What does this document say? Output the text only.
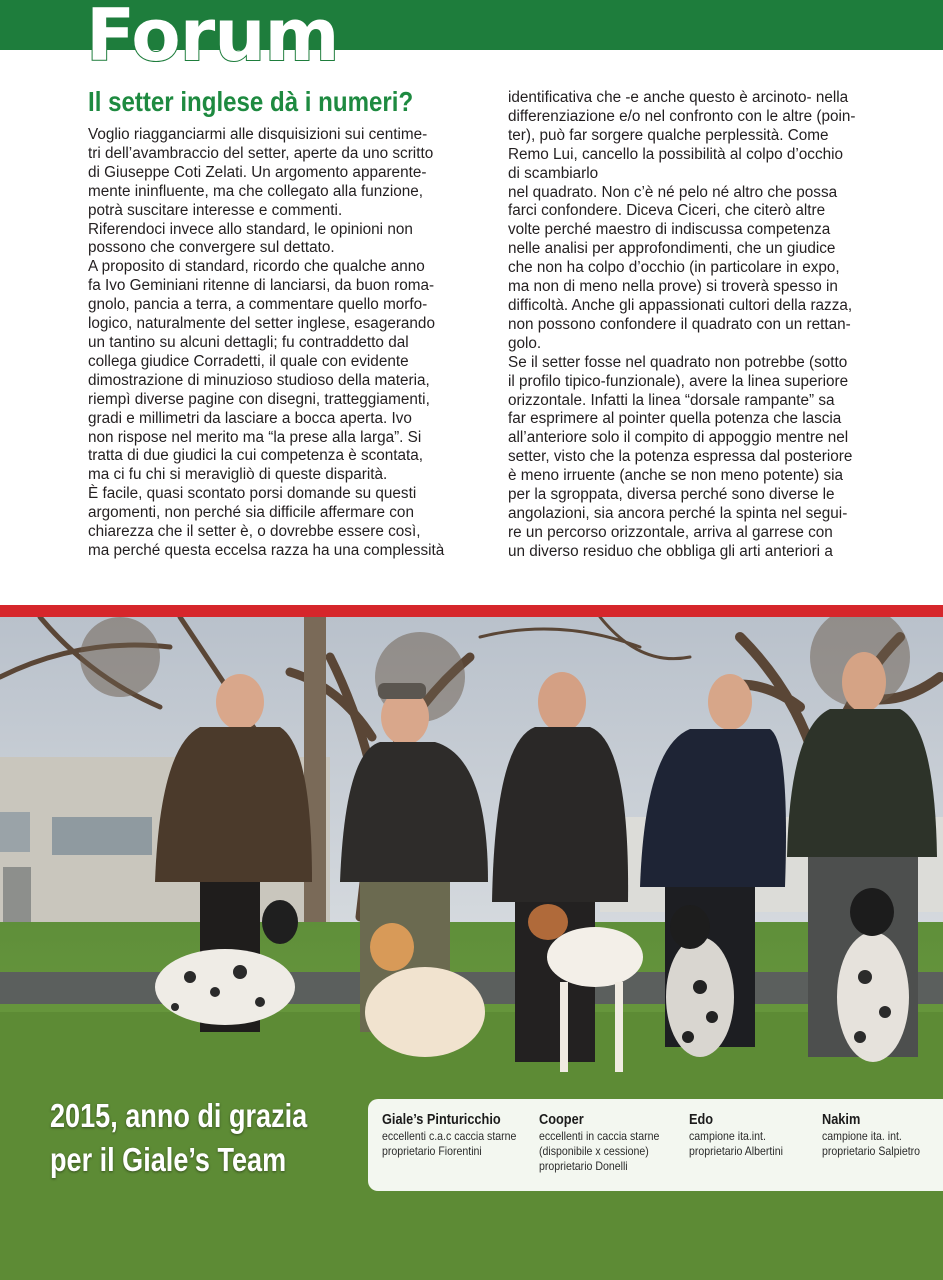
Forum
Il setter inglese dà i numeri?

Voglio riagganciarmi alle disquisizioni sui centime-

tri dell’avambraccio del setter, aperte da uno scritto

di Giuseppe Coti Zelati. Un argomento apparente-

mente ininfluente, ma che collegato alla funzione,

potrà suscitare interesse e commenti.

Riferendoci invece allo standard, le opinioni non

possono che convergere sul dettato.

A proposito di standard, ricordo che qualche anno

fa Ivo Geminiani ritenne di lanciarsi, da buon roma-

gnolo, pancia a terra, a commentare quello morfo-

logico, naturalmente del setter inglese, esagerando

un tantino su alcuni dettagli; fu contraddetto dal

collega giudice Corradetti, il quale con evidente

dimostrazione di minuzioso studioso della materia,

riempì diverse pagine con disegni, tratteggiamenti,

gradi e millimetri da lasciare a bocca aperta. Ivo

non rispose nel merito ma “la prese alla larga”. Si

tratta di due giudici la cui competenza è scontata,

ma ci fu chi si meravigliò di queste disparità.

È facile, quasi scontato porsi domande su questi

argomenti, non perché sia difficile affermare con

chiarezza che il setter è, o dovrebbe essere così,

ma perché questa eccelsa razza ha una complessità

identificativa che -e anche questo è arcinoto- nella

differenziazione e/o nel confronto con le altre (poin-

ter), può far sorgere qualche perplessità. Come

Remo Lui, cancello la possibilità al colpo d’occhio

di scambiarlo

nel quadrato. Non c’è né pelo né altro che possa

farci confondere. Diceva Ciceri, che citerò altre

volte perché maestro di indiscussa competenza

nelle analisi per approfondimenti, che un giudice

che non ha colpo d’occhio (in particolare in expo,

ma non di meno nella prove) si troverà spesso in

difficoltà. Anche gli appassionati cultori della razza,

non possono confondere il quadrato con un rettan-

golo.

Se il setter fosse nel quadrato non potrebbe (sotto

il profilo tipico-funzionale), avere la linea superiore

orizzontale. Infatti la linea “dorsale rampante” sa

far esprimere al pointer quella potenza che lascia

all’anteriore solo il compito di appoggio mentre nel

setter, visto che la potenza espressa dal posteriore

è meno irruente (anche se non meno potente) sia

per la sgroppata, diversa perché sono diverse le

angolazioni, sia ancora perché la spinta nel segui-

re un percorso orizzontale, arriva al garrese con

un diverso residuo che obbliga gli arti anteriori a

2015, anno di grazia
per il Giale’s Team
Giale’s Pinturicchio
eccellenti c.a.c caccia starne
proprietario Fiorentini
Cooper
eccellenti in caccia starne
(disponibile x cessione)
proprietario Donelli
Edo
campione ita.int.
proprietario Albertini
Nakim
campione ita. int.
proprietario Salpietro
